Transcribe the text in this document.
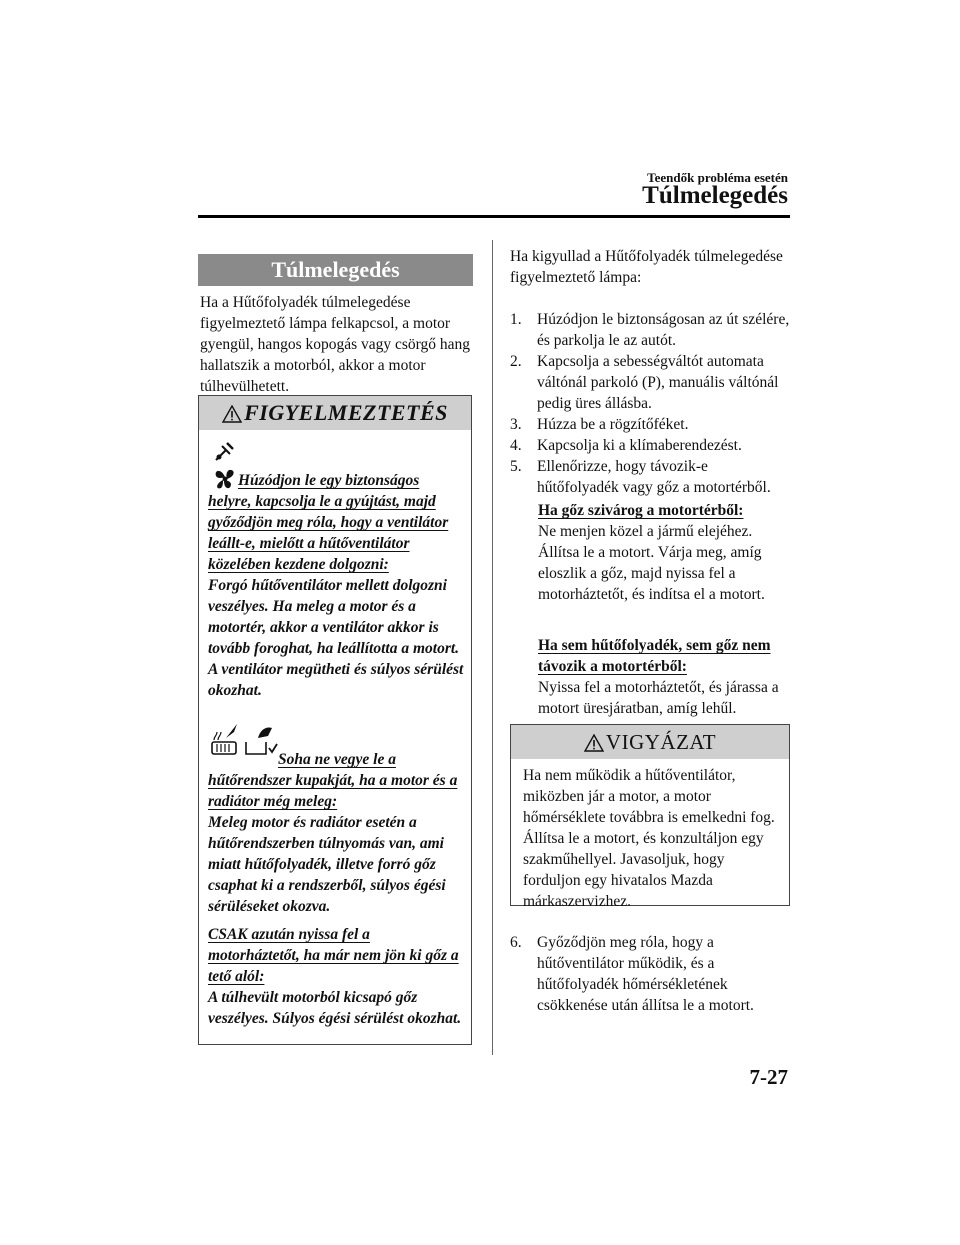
Teendők probléma esetén
Túlmelegedés
Túlmelegedés
Ha a Hűtőfolyadék túlmelegedése figyelmeztető lámpa felkapcsol, a motor gyengül, hangos kopogás vagy csörgő hang hallatszik a motorból, akkor a motor túlhevülhetett.
FIGYELMEZTETÉS
Húzódjon le egy biztonságos helyre, kapcsolja le a gyújtást, majd győződjön meg róla, hogy a ventilátor leállt-e, mielőtt a hűtőventilátor közelében kezdene dolgozni:
Forgó hűtőventilátor mellett dolgozni veszélyes. Ha meleg a motor és a motortér, akkor a ventilátor akkor is tovább foroghat, ha leállította a motort. A ventilátor megütheti és súlyos sérülést okozhat.
Soha ne vegye le a hűtőrendszer kupakját, ha a motor és a radiátor még meleg:
Meleg motor és radiátor esetén a hűtőrendszerben túlnyomás van, ami miatt hűtőfolyadék, illetve forró gőz csaphat ki a rendszerből, súlyos égési sérüléseket okozva.
CSAK azután nyissa fel a motorháztetőt, ha már nem jön ki gőz a tető alól:
A túlhevült motorból kicsapó gőz veszélyes. Súlyos égési sérülést okozhat.
Ha kigyullad a Hűtőfolyadék túlmelegedése figyelmeztető lámpa:
1. Húzódjon le biztonságosan az út szélére, és parkolja le az autót.
2. Kapcsolja a sebességváltót automata váltónál parkoló (P), manuális váltónál pedig üres állásba.
3. Húzza be a rögzítőféket.
4. Kapcsolja ki a klímaberendezést.
5. Ellenőrizze, hogy távozik-e hűtőfolyadék vagy gőz a motortérből.
Ha gőz szivárog a motortérből:
Ne menjen közel a jármű elejéhez. Állítsa le a motort. Várja meg, amíg eloszlik a gőz, majd nyissa fel a motorháztetőt, és indítsa el a motort.
Ha sem hűtőfolyadék, sem gőz nem távozik a motortérből:
Nyissa fel a motorháztetőt, és járassa a motort üresjáratban, amíg lehűl.
VIGYÁZAT
Ha nem működik a hűtőventilátor, miközben jár a motor, a motor hőmérséklete továbbra is emelkedni fog. Állítsa le a motort, és konzultáljon egy szakműhellyel. Javasoljuk, hogy forduljon egy hivatalos Mazda márkaszervizhez.
6. Győződjön meg róla, hogy a hűtőventilátor működik, és a hűtőfolyadék hőmérsékletének csökkenése után állítsa le a motort.
7-27
